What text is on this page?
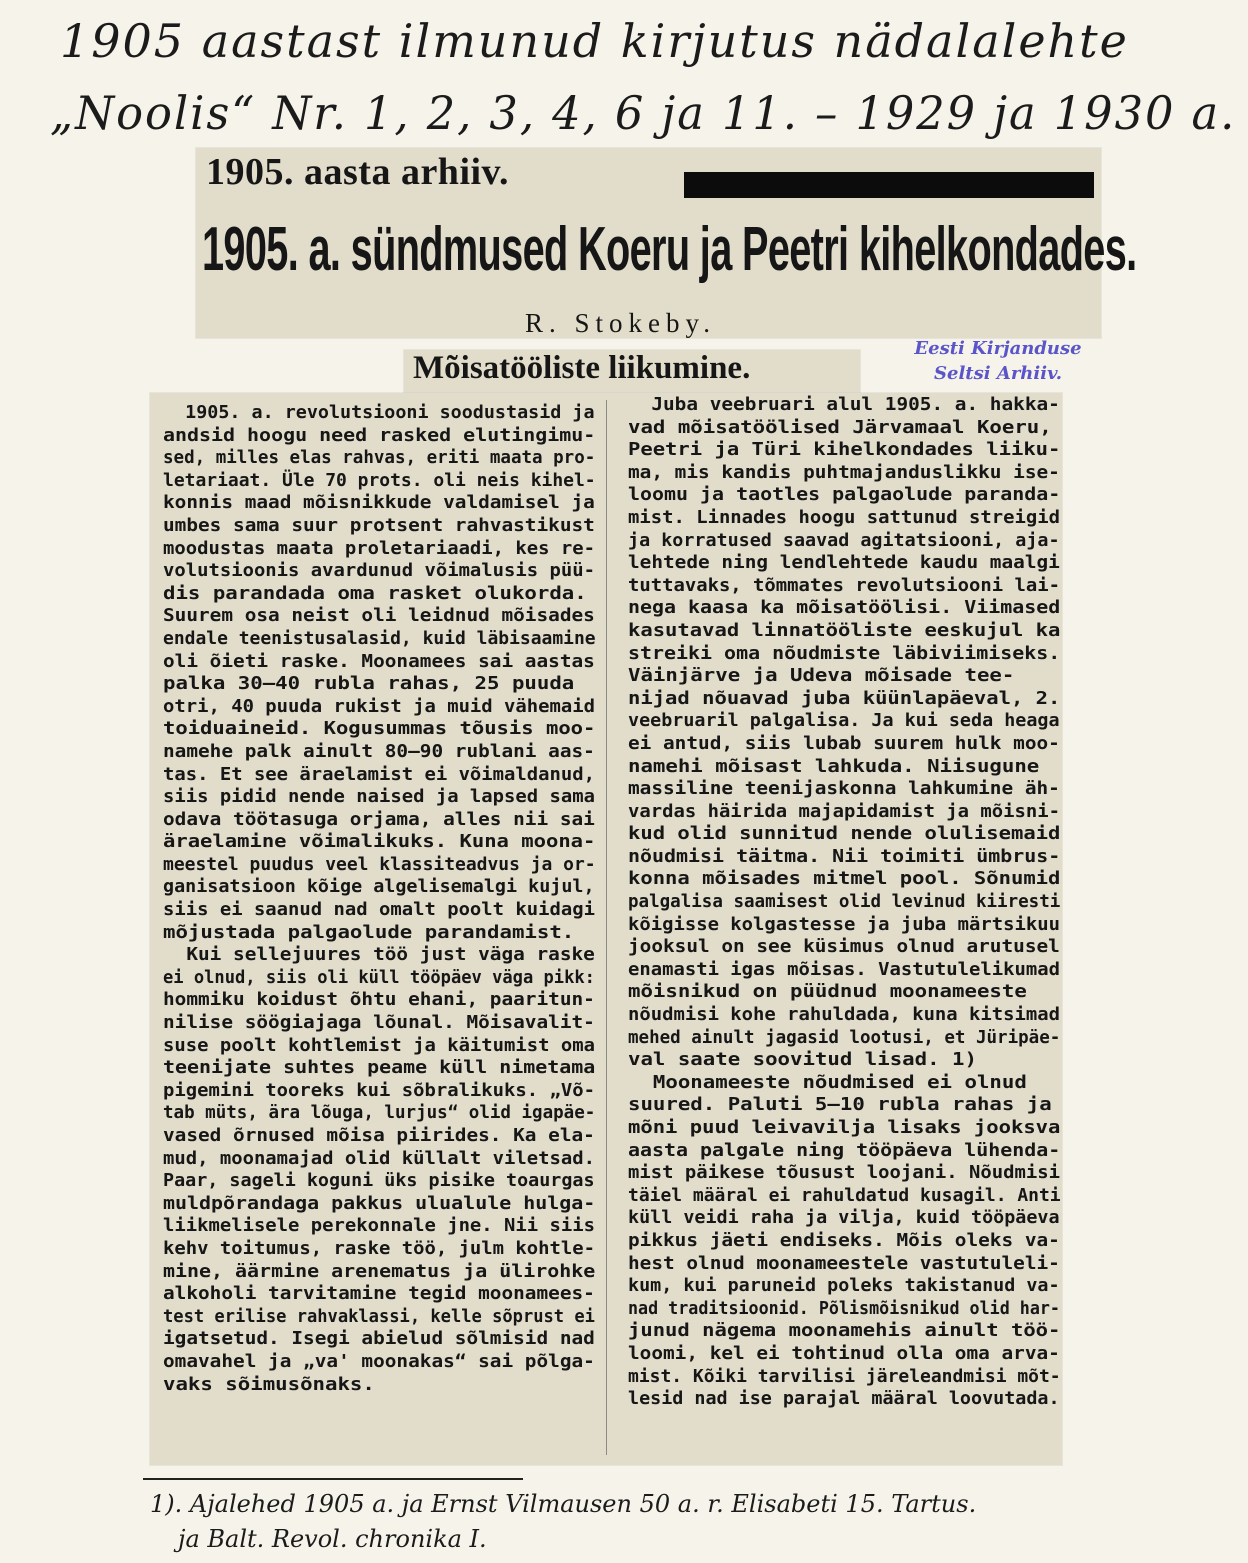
1905 aastast ilmunud kirjutus nädalalehte
„Noolis“ Nr. 1, 2, 3, 4, 6 ja 11. – 1929 ja 1930 a.
1905. aasta arhiiv.
1905. a. sündmused Koeru ja Peetri kihelkondades.
R. Stokeby.
Mõisatööliste liikumine.
Eesti Kirjanduse
Seltsi Arhiiv.
1905. a. revolutsiooni soodustasid ja
andsid hoogu need rasked elutingimu-
sed, milles elas rahvas, eriti maata pro-
letariaat. Üle 70 prots. oli neis kihel-
konnis maad mõisnikkude valdamisel ja
umbes sama suur protsent rahvastikust
moodustas maata proletariaadi, kes re-
volutsioonis avardunud võimalusis püü-
dis parandada oma rasket olukorda.
Suurem osa neist oli leidnud mõisades
endale teenistusalasid, kuid läbisaamine
oli õieti raske. Moonamees sai aastas
palka 30—40 rubla rahas, 25 puuda
otri, 40 puuda rukist ja muid vähemaid
toiduaineid. Kogusummas tõusis moo-
namehe palk ainult 80—90 rublani aas-
tas. Et see äraelamist ei võimaldanud,
siis pidid nende naised ja lapsed sama
odava töötasuga orjama, alles nii sai
äraelamine võimalikuks. Kuna moona-
meestel puudus veel klassiteadvus ja or-
ganisatsioon kõige algelisemalgi kujul,
siis ei saanud nad omalt poolt kuidagi
mõjustada palgaolude parandamist.
Kui sellejuures töö just väga raske
ei olnud, siis oli küll tööpäev väga pikk:
hommiku koidust õhtu ehani, paaritun-
nilise söögiajaga lõunal. Mõisavalit-
suse poolt kohtlemist ja käitumist oma
teenijate suhtes peame küll nimetama
pigemini tooreks kui sõbralikuks. „Võ-
tab müts, ära lõuga, lurjus“ olid igapäe-
vased õrnused mõisa piirides. Ka ela-
mud, moonamajad olid küllalt viletsad.
Paar, sageli koguni üks pisike toaurgas
muldpõrandaga pakkus ulualule hulga-
liikmelisele perekonnale jne. Nii siis
kehv toitumus, raske töö, julm kohtle-
mine, äärmine arenematus ja ülirohke
alkoholi tarvitamine tegid moonamees-
test erilise rahvaklassi, kelle sõprust ei
igatsetud. Isegi abielud sõlmisid nad
omavahel ja „va' moonakas“ sai põlga-
vaks sõimusõnaks.
Juba veebruari alul 1905. a. hakka-
vad mõisatöölised Järvamaal Koeru,
Peetri ja Türi kihelkondades liiku-
ma, mis kandis puhtmajanduslikku ise-
loomu ja taotles palgaolude paranda-
mist. Linnades hoogu sattunud streigid
ja korratused saavad agitatsiooni, aja-
lehtede ning lendlehtede kaudu maalgi
tuttavaks, tõmmates revolutsiooni lai-
nega kaasa ka mõisatöölisi. Viimased
kasutavad linnatööliste eeskujul ka
streiki oma nõudmiste läbiviimiseks.
Väinjärve ja Udeva mõisade tee-
nijad nõuavad juba küünlapäeval, 2.
veebruaril palgalisa. Ja kui seda heaga
ei antud, siis lubab suurem hulk moo-
namehi mõisast lahkuda. Niisugune
massiline teenijaskonna lahkumine äh-
vardas häirida majapidamist ja mõisni-
kud olid sunnitud nende olulisemaid
nõudmisi täitma. Nii toimiti ümbrus-
konna mõisades mitmel pool. Sõnumid
palgalisa saamisest olid levinud kiiresti
kõigisse kolgastesse ja juba märtsikuu
jooksul on see küsimus olnud arutusel
enamasti igas mõisas. Vastutulelikumad
mõisnikud on püüdnud moonameeste
nõudmisi kohe rahuldada, kuna kitsimad
mehed ainult jagasid lootusi, et Jüripäe-
val saate soovitud lisad. 1)
Moonameeste nõudmised ei olnud
suured. Paluti 5—10 rubla rahas ja
mõni puud leivavilja lisaks jooksva
aasta palgale ning tööpäeva lühenda-
mist päikese tõusust loojani. Nõudmisi
täiel määral ei rahuldatud kusagil. Anti
küll veidi raha ja vilja, kuid tööpäeva
pikkus jäeti endiseks. Mõis oleks va-
hest olnud moonameestele vastutuleli-
kum, kui paruneid poleks takistanud va-
nad traditsioonid. Põlismõisnikud olid har-
junud nägema moonamehis ainult töö-
loomi, kel ei tohtinud olla oma arva-
mist. Kõiki tarvilisi järeleandmisi mõt-
lesid nad ise parajal määral loovutada.
1). Ajalehed 1905 a. ja Ernst Vilmausen 50 a. r. Elisabeti 15. Tartus.
ja Balt. Revol. chronika I.
